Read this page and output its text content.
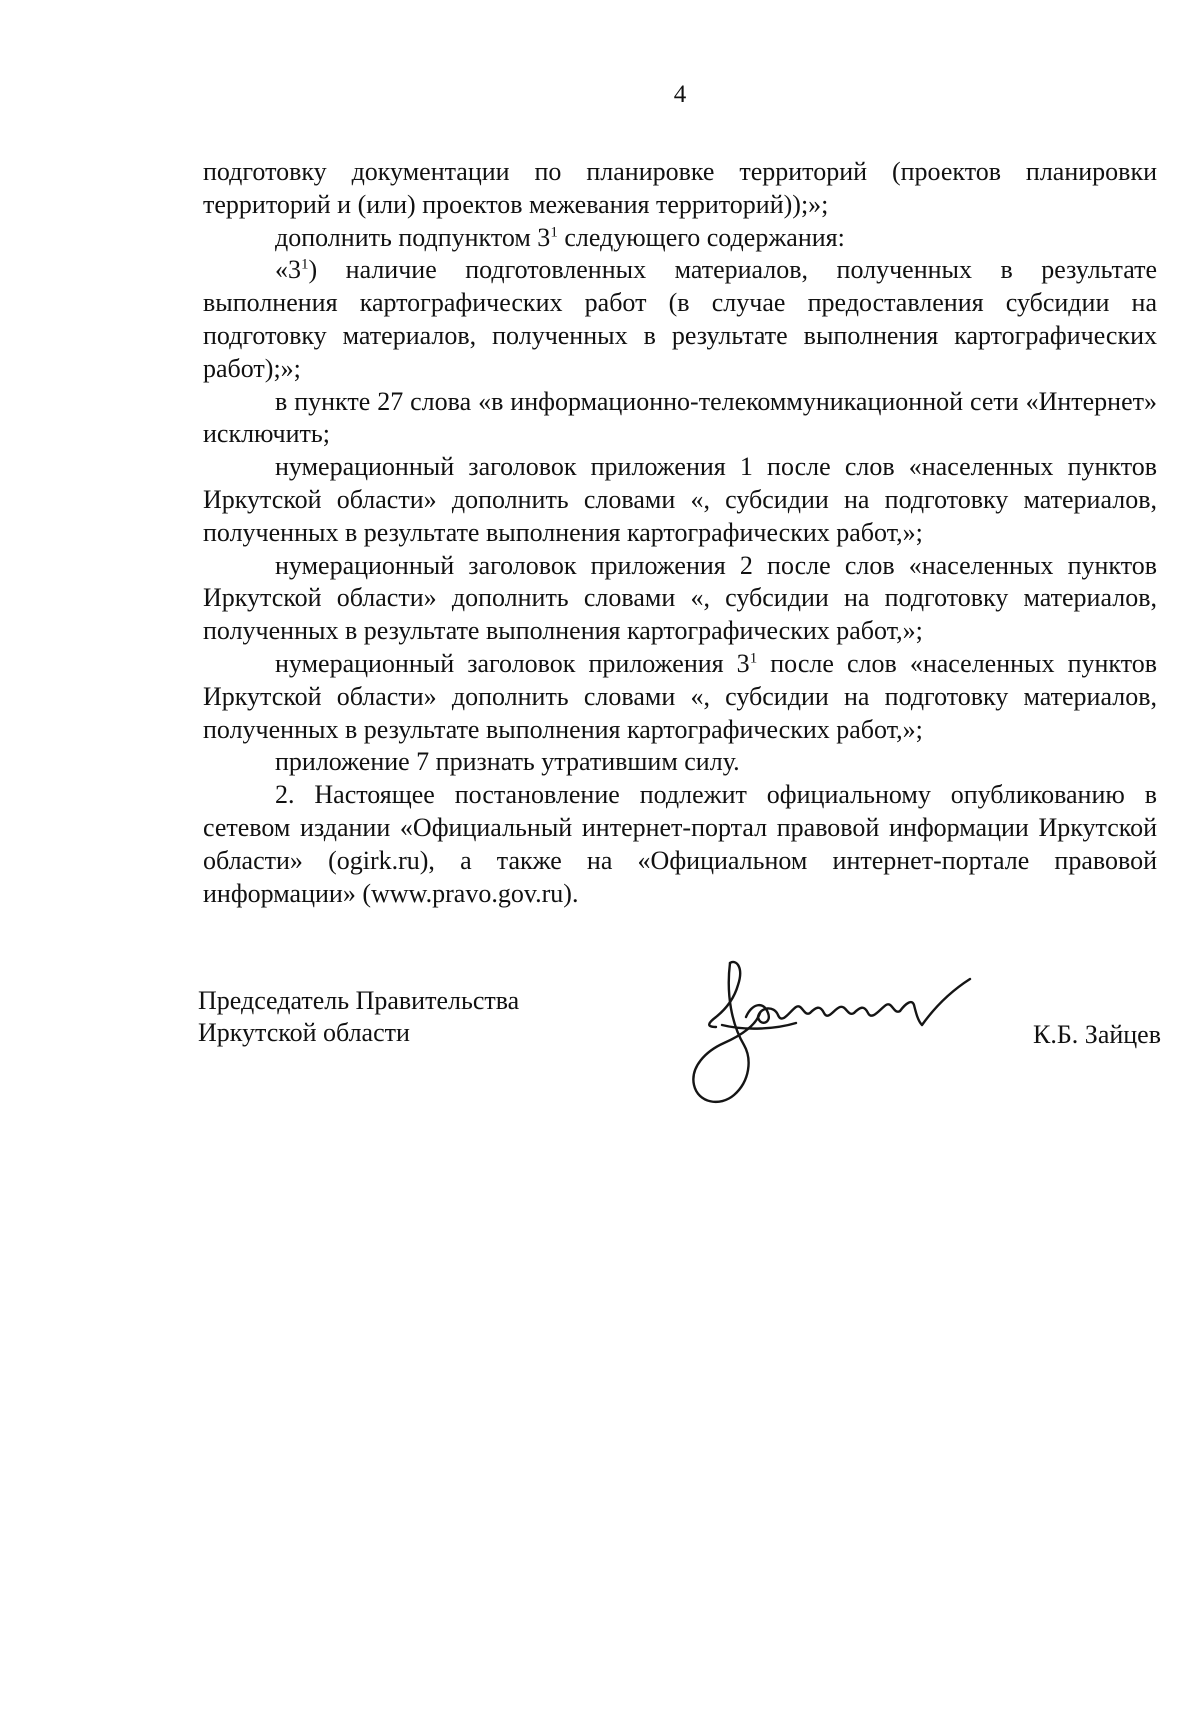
4

подготовку документации по планировке территорий (проектов планировки территорий и (или) проектов межевания территорий));»;

дополнить подпунктом $3^1$ следующего содержания:

«$3^1$) наличие подготовленных материалов, полученных в результате выполнения картографических работ (в случае предоставления субсидии на подготовку материалов, полученных в результате выполнения картографических работ);»;

в пункте 27 слова «в информационно-телекоммуникационной сети «Интернет» исключить;

нумерационный заголовок приложения 1 после слов «населенных пунктов Иркутской области» дополнить словами «, субсидии на подготовку материалов, полученных в результате выполнения картографических работ,»;

нумерационный заголовок приложения 2 после слов «населенных пунктов Иркутской области» дополнить словами «, субсидии на подготовку материалов, полученных в результате выполнения картографических работ,»;

нумерационный заголовок приложения $3^1$ после слов «населенных пунктов Иркутской области» дополнить словами «, субсидии на подготовку материалов, полученных в результате выполнения картографических работ,»;

приложение 7 признать утратившим силу.

2. Настоящее постановление подлежит официальному опубликованию в сетевом издании «Официальный интернет-портал правовой информации Иркутской области» (ogirk.ru), а также на «Официальном интернет-портале правовой информации» (www.pravo.gov.ru).

Председатель Правительства
Иркутской области	К.Б. Зайцев
